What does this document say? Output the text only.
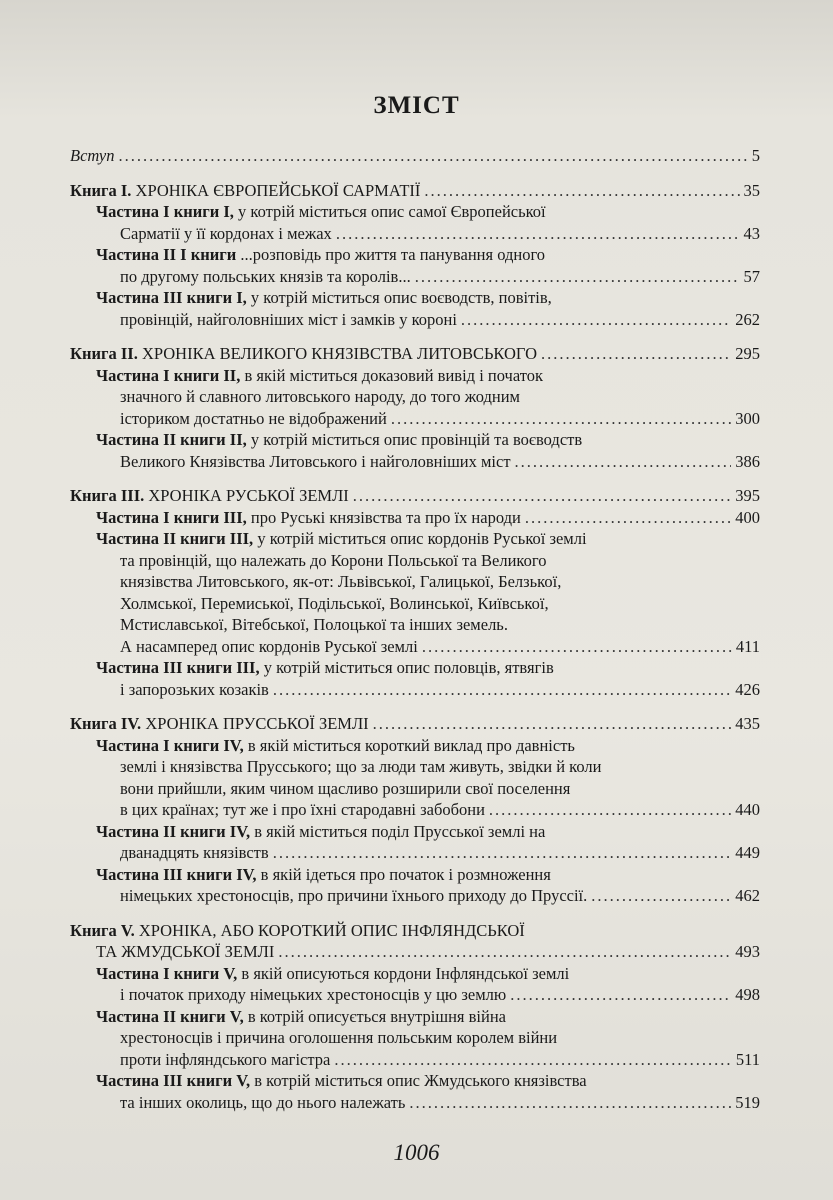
ЗМІСТ
Вступ .....	5
Книга І. ХРОНІКА ЄВРОПЕЙСЬКОЇ САРМАТІЇ .....	35
Частина I книги I, у котрій міститься опис самої Європейської
Сарматії у її кордонах і межах .....	43
Частина II I книги ...розповідь про життя та панування одного
по другому польських князів та королів... .....	57
Частина III книги I, у котрій міститься опис воєводств, повітів,
провінцій, найголовніших міст і замків у короні .....	262
Книга II. ХРОНІКА ВЕЛИКОГО КНЯЗІВСТВА ЛИТОВСЬКОГО .....	295
Частина I книги II, в якій міститься доказовий вивід і початок
значного й славного литовського народу, до того жодним
істориком достатньо не відображений .....	300
Частина II книги II, у котрій міститься опис провінцій та воєводств
Великого Князівства Литовського і найголовніших міст .....	386
Книга III. ХРОНІКА РУСЬКОЇ ЗЕМЛІ .....	395
Частина I книги III, про Руські князівства та про їх народи .....	400
Частина II книги III, у котрій міститься опис кордонів Руської землі
та провінцій, що належать до Корони Польської та Великого
князівства Литовського, як-от: Львівської, Галицької, Белзької,
Холмської, Перемиської, Подільської, Волинської, Київської,
Мстиславської, Вітебської, Полоцької та інших земель.
А насамперед опис кордонів Руської землі .....	411
Частина III книги III, у котрій міститься опис половців, ятвягів
і запорозьких козаків .....	426
Книга IV. ХРОНІКА ПРУССЬКОЇ ЗЕМЛІ .....	435
Частина I книги IV, в якій міститься короткий виклад про давність
землі і князівства Прусського; що за люди там живуть, звідки й коли
вони прийшли, яким чином щасливо розширили свої поселення
в цих країнах; тут же і про їхні стародавні забобони .....	440
Частина II книги IV, в якій міститься поділ Прусської землі на
дванадцять князівств .....	449
Частина III книги IV, в якій ідеться про початок і розмноження
німецьких хрестоносців, про причини їхнього приходу до Пруссії. .....	462
Книга V. ХРОНІКА, АБО КОРОТКИЙ ОПИС ІНФЛЯНДСЬКОЇ
ТА ЖМУДСЬКОЇ ЗЕМЛІ .....	493
Частина I книги V, в якій описуються кордони Інфляндської землі
і початок приходу німецьких хрестоносців у цю землю .....	498
Частина II книги V, в котрій описується внутрішня війна
хрестоносців і причина оголошення польським королем війни
проти інфляндського магістра .....	511
Частина III книги V, в котрій міститься опис Жмудського князівства
та інших околиць, що до нього належать .....	519
1006
